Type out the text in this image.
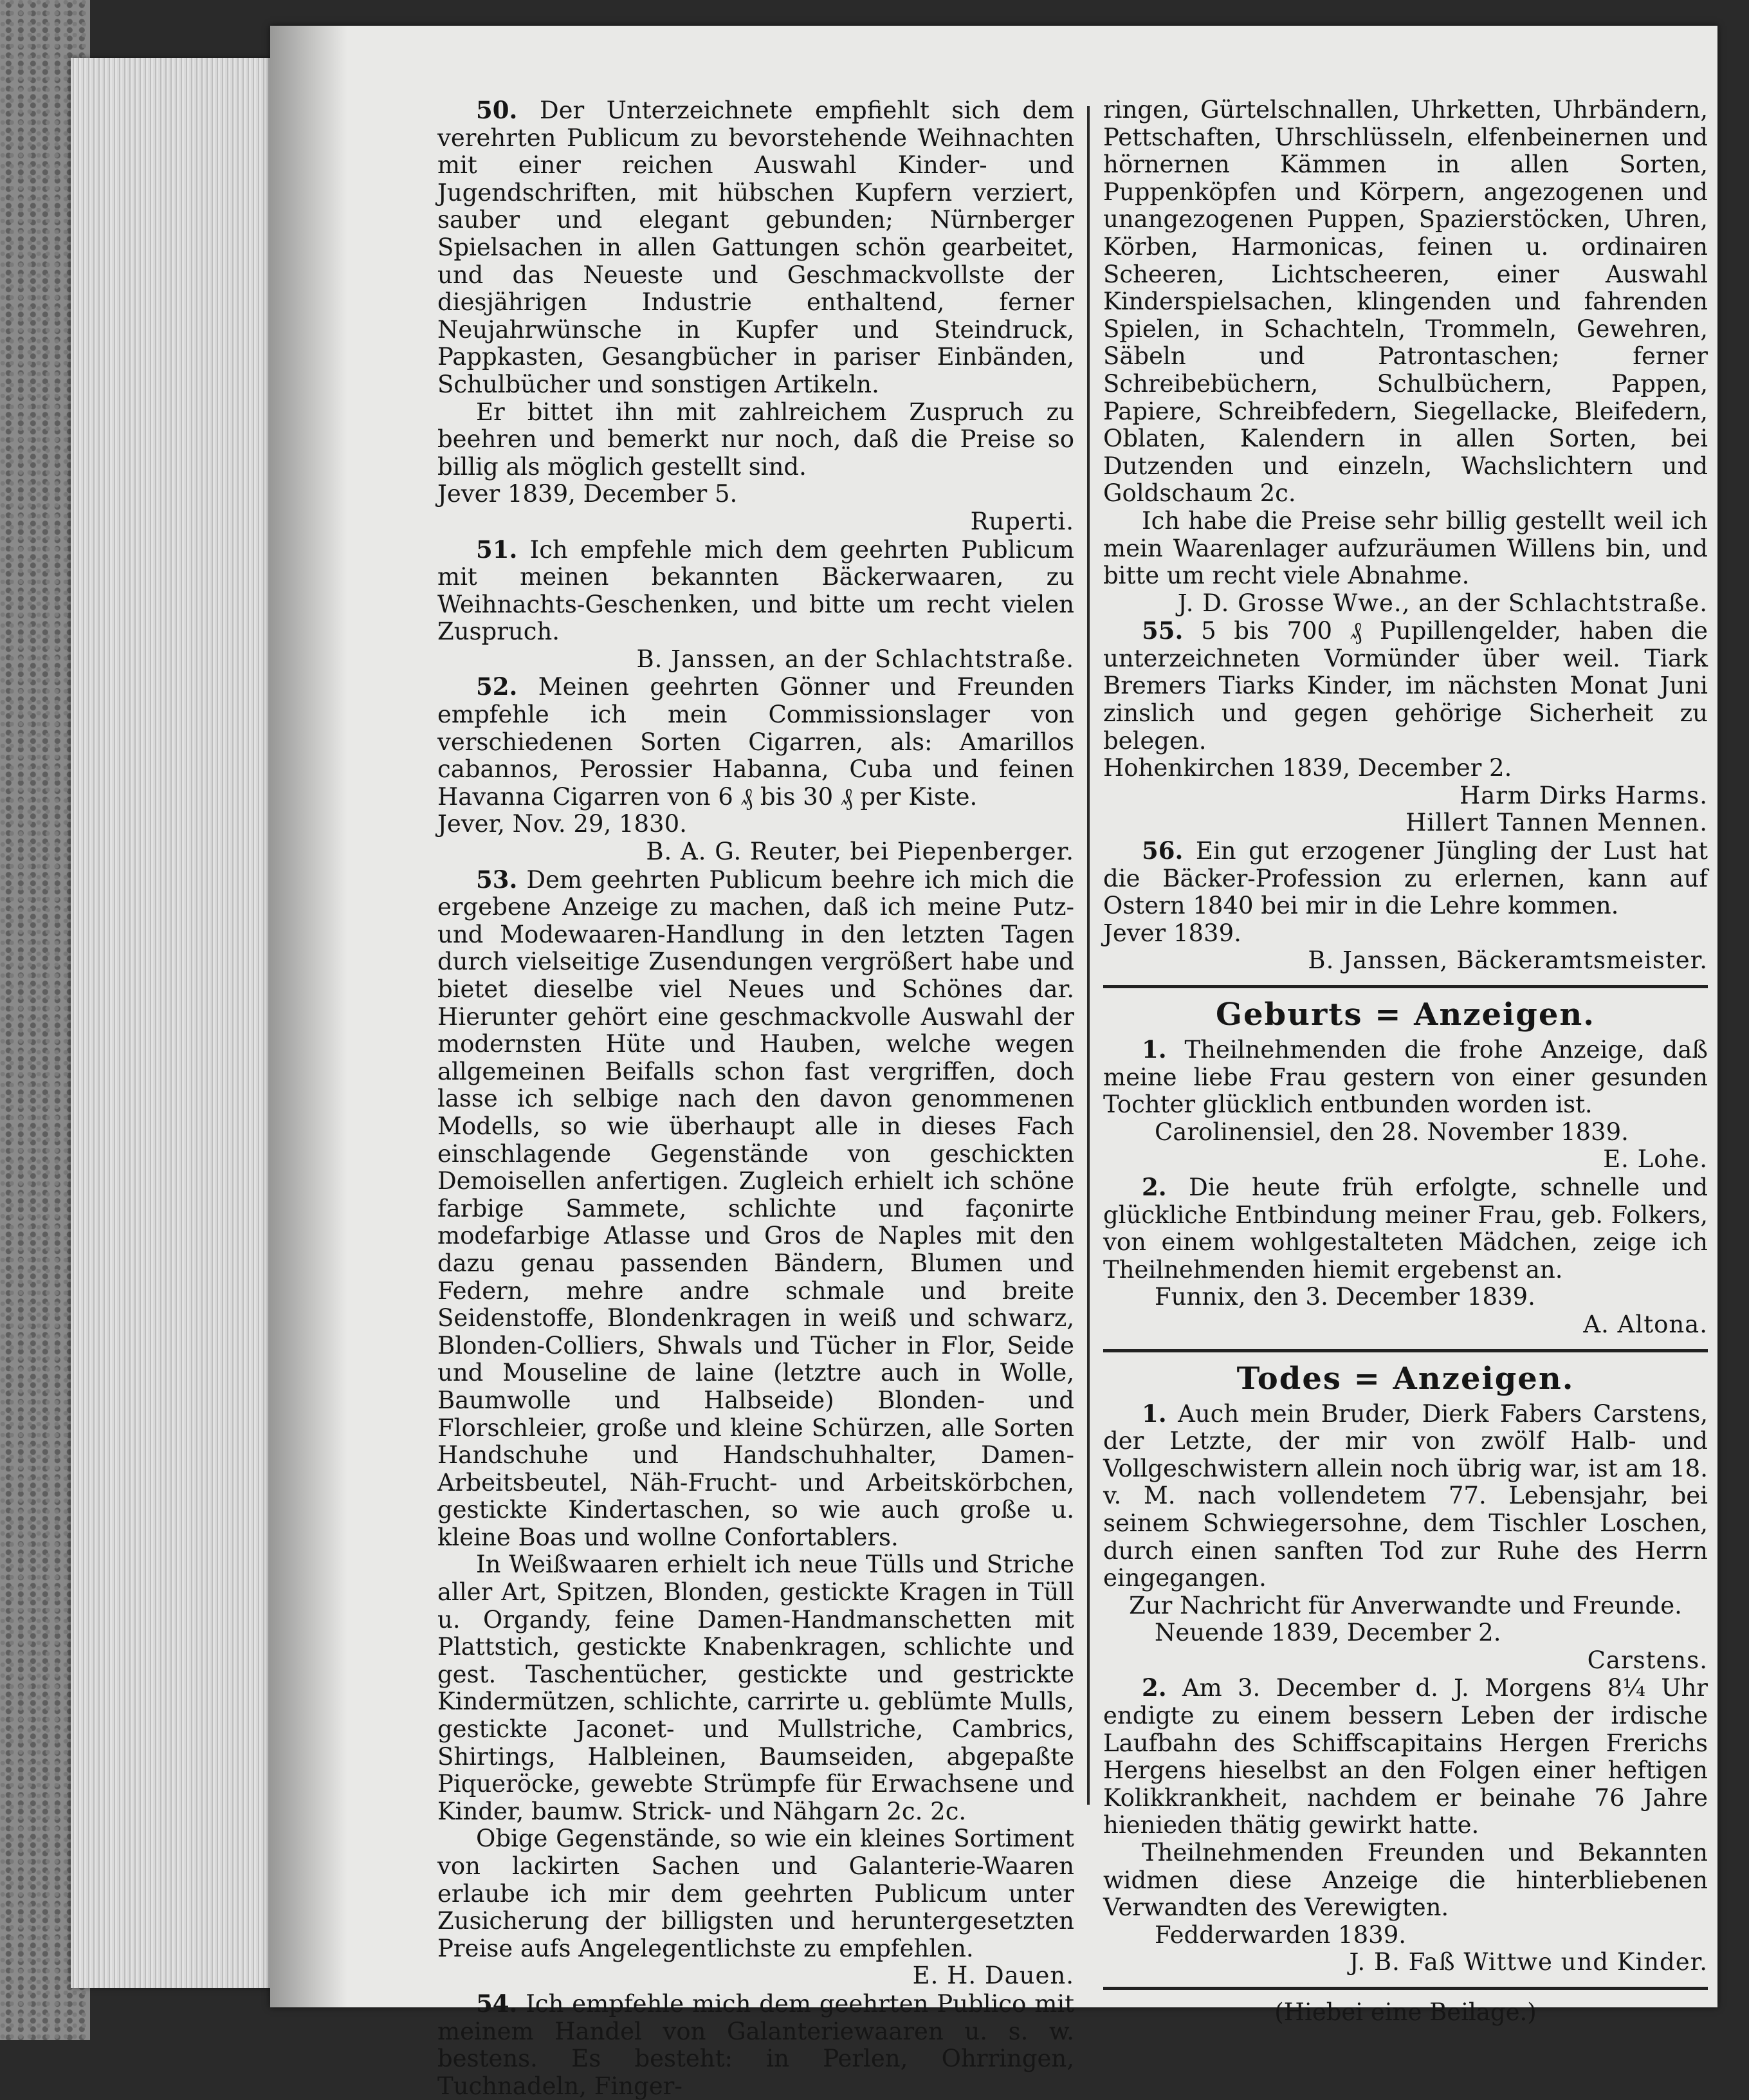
50. Der Unterzeichnete empfiehlt sich dem verehrten Publicum zu bevorstehende Weihnachten mit einer reichen Auswahl Kinder- und Jugendschriften, mit hübschen Kupfern verziert, sauber und elegant gebunden; Nürnberger Spielsachen in allen Gattungen schön gearbeitet, und das Neueste und Geschmackvollste der diesjährigen Industrie enthaltend, ferner Neujahrwünsche in Kupfer und Steindruck, Pappkasten, Gesangbücher in pariser Einbänden, Schulbücher und sonstigen Artikeln.

Er bittet ihn mit zahlreichem Zuspruch zu beehren und bemerkt nur noch, daß die Preise so billig als möglich gestellt sind.

Jever 1839, December 5.

Ruperti.

51. Ich empfehle mich dem geehrten Publicum mit meinen bekannten Bäckerwaaren, zu Weihnachts-Geschenken, und bitte um recht vielen Zuspruch.

B. Janssen, an der Schlachtstraße.

52. Meinen geehrten Gönner und Freunden empfehle ich mein Commissionslager von verschiedenen Sorten Cigarren, als: Amarillos cabannos, Perossier Habanna, Cuba und feinen Havanna Cigarren von 6 ₰ bis 30 ₰ per Kiste.

Jever, Nov. 29, 1830.

B. A. G. Reuter, bei Piepenberger.

53. Dem geehrten Publicum beehre ich mich die ergebene Anzeige zu machen, daß ich meine Putz- und Modewaaren-Handlung in den letzten Tagen durch vielseitige Zusendungen vergrößert habe und bietet dieselbe viel Neues und Schönes dar. Hierunter gehört eine geschmackvolle Auswahl der modernsten Hüte und Hauben, welche wegen allgemeinen Beifalls schon fast vergriffen, doch lasse ich selbige nach den davon genommenen Modells, so wie überhaupt alle in dieses Fach einschlagende Gegenstände von geschickten Demoisellen anfertigen. Zugleich erhielt ich schöne farbige Sammete, schlichte und façonirte modefarbige Atlasse und Gros de Naples mit den dazu genau passenden Bändern, Blumen und Federn, mehre andre schmale und breite Seidenstoffe, Blondenkragen in weiß und schwarz, Blonden-Colliers, Shwals und Tücher in Flor, Seide und Mouseline de laine (letztre auch in Wolle, Baumwolle und Halbseide) Blonden- und Florschleier, große und kleine Schürzen, alle Sorten Handschuhe und Handschuhhalter, Damen-Arbeitsbeutel, Näh-Frucht- und Arbeitskörbchen, gestickte Kindertaschen, so wie auch große u. kleine Boas und wollne Confortablers.

In Weißwaaren erhielt ich neue Tülls und Striche aller Art, Spitzen, Blonden, gestickte Kragen in Tüll u. Organdy, feine Damen-Handmanschetten mit Plattstich, gestickte Knabenkragen, schlichte und gest. Taschentücher, gestickte und gestrickte Kindermützen, schlichte, carrirte u. geblümte Mulls, gestickte Jaconet- und Mullstriche, Cambrics, Shirtings, Halbleinen, Baumseiden, abgepaßte Piqueröcke, gewebte Strümpfe für Erwachsene und Kinder, baumw. Strick- und Nähgarn 2c. 2c.

Obige Gegenstände, so wie ein kleines Sortiment von lackirten Sachen und Galanterie-Waaren erlaube ich mir dem geehrten Publicum unter Zusicherung der billigsten und heruntergesetzten Preise aufs Angelegentlichste zu empfehlen.

E. H. Dauen.

54. Ich empfehle mich dem geehrten Publico mit meinem Handel von Galanteriewaaren u. s. w. bestens. Es besteht: in Perlen, Ohrringen, Tuchnadeln, Finger-

ringen, Gürtelschnallen, Uhrketten, Uhrbändern, Pettschaften, Uhrschlüsseln, elfenbeinernen und hörnernen Kämmen in allen Sorten, Puppenköpfen und Körpern, angezogenen und unangezogenen Puppen, Spazierstöcken, Uhren, Körben, Harmonicas, feinen u. ordinairen Scheeren, Lichtscheeren, einer Auswahl Kinderspielsachen, klingenden und fahrenden Spielen, in Schachteln, Trommeln, Gewehren, Säbeln und Patrontaschen; ferner Schreibebüchern, Schulbüchern, Pappen, Papiere, Schreibfedern, Siegellacke, Bleifedern, Oblaten, Kalendern in allen Sorten, bei Dutzenden und einzeln, Wachslichtern und Goldschaum 2c.

Ich habe die Preise sehr billig gestellt weil ich mein Waarenlager aufzuräumen Willens bin, und bitte um recht viele Abnahme.

J. D. Grosse Wwe., an der Schlachtstraße.

55. 5 bis 700 ₰ Pupillengelder, haben die unterzeichneten Vormünder über weil. Tiark Bremers Tiarks Kinder, im nächsten Monat Juni zinslich und gegen gehörige Sicherheit zu belegen.

Hohenkirchen 1839, December 2.

Harm Dirks Harms.

Hillert Tannen Mennen.

56. Ein gut erzogener Jüngling der Lust hat die Bäcker-Profession zu erlernen, kann auf Ostern 1840 bei mir in die Lehre kommen.

Jever 1839.

B. Janssen, Bäckeramtsmeister.

Geburts = Anzeigen.

1. Theilnehmenden die frohe Anzeige, daß meine liebe Frau gestern von einer gesunden Tochter glücklich entbunden worden ist.

Carolinensiel, den 28. November 1839.

E. Lohe.

2. Die heute früh erfolgte, schnelle und glückliche Entbindung meiner Frau, geb. Folkers, von einem wohlgestalteten Mädchen, zeige ich Theilnehmenden hiemit ergebenst an.

Funnix, den 3. December 1839.

A. Altona.

Todes = Anzeigen.

1. Auch mein Bruder, Dierk Fabers Carstens, der Letzte, der mir von zwölf Halb- und Vollgeschwistern allein noch übrig war, ist am 18. v. M. nach vollendetem 77. Lebensjahr, bei seinem Schwiegersohne, dem Tischler Loschen, durch einen sanften Tod zur Ruhe des Herrn eingegangen.

Zur Nachricht für Anverwandte und Freunde.

Neuende 1839, December 2.

Carstens.

2. Am 3. December d. J. Morgens 8¼ Uhr endigte zu einem bessern Leben der irdische Laufbahn des Schiffscapitains Hergen Frerichs Hergens hieselbst an den Folgen einer heftigen Kolikkrankheit, nachdem er beinahe 76 Jahre hienieden thätig gewirkt hatte.

Theilnehmenden Freunden und Bekannten widmen diese Anzeige die hinterbliebenen Verwandten des Verewigten.

Fedderwarden 1839.

J. B. Faß Wittwe und Kinder.

(Hiebei eine Beilage.)
